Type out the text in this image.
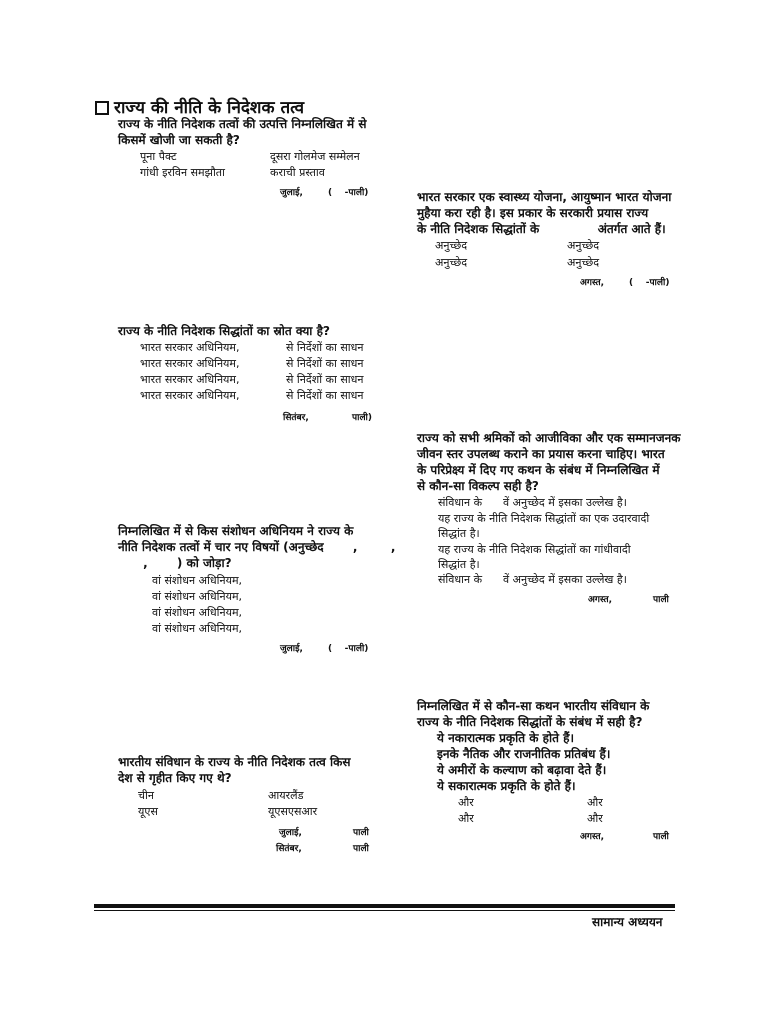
राज्य की नीति के निदेशक तत्व
राज्य के नीति निदेशक तत्वों की उत्पत्ति निम्नलिखित में से
किसमें खोजी जा सकती है?
पूना पैक्ट	दूसरा गोलमेज सम्मेलन
गांधी इरविन समझौता	कराची प्रस्ताव
जुलाई,        (    -पाली)	भारत सरकार एक स्वास्थ्य योजना, आयुष्मान भारत योजना
मुहैया करा रही है। इस प्रकार के सरकारी प्रयास राज्य
के नीति निदेशक सिद्धांतों के              अंतर्गत आते हैं।
अनुच्छेद	अनुच्छेद
अनुच्छेद	अनुच्छेद
अगस्त,        (    -पाली)
राज्य के नीति निदेशक सिद्धांतों का स्रोत क्या है?
भारत सरकार अधिनियम,	से निर्देशों का साधन
भारत सरकार अधिनियम,	से निर्देशों का साधन
भारत सरकार अधिनियम,	से निर्देशों का साधन
भारत सरकार अधिनियम,	से निर्देशों का साधन
सितंबर,	पाली)
राज्य को सभी श्रमिकों को आजीविका और एक सम्मानजनक
जीवन स्तर उपलब्ध कराने का प्रयास करना चाहिए। भारत
के परिप्रेक्ष्य में दिए गए कथन के संबंध में निम्नलिखित में
से कौन-सा विकल्प सही है?
संविधान के      वें अनुच्छेद में इसका उल्लेख है।
यह राज्य के नीति निदेशक सिद्धांतों का एक उदारवादी
सिद्धांत है।
यह राज्य के नीति निदेशक सिद्धांतों का गांधीवादी
सिद्धांत है।
संविधान के      वें अनुच्छेद में इसका उल्लेख है।
अगस्त,	पाली
निम्नलिखित में से किस संशोधन अधिनियम ने राज्य के
नीति निदेशक तत्वों में चार नए विषयों (अनुच्छेद       ,        ,
,       ) को जोड़ा?
वां संशोधन अधिनियम,
वां संशोधन अधिनियम,
वां संशोधन अधिनियम,
वां संशोधन अधिनियम,
जुलाई,        (    -पाली)
निम्नलिखित में से कौन-सा कथन भारतीय संविधान के
राज्य के नीति निदेशक सिद्धांतों के संबंध में सही है?
ये नकारात्मक प्रकृति के होते हैं।
इनके नैतिक और राजनीतिक प्रतिबंध हैं।
ये अमीरों के कल्याण को बढ़ावा देते हैं।
ये सकारात्मक प्रकृति के होते हैं।
और	और
और	और
अगस्त,	पाली
भारतीय संविधान के राज्य के नीति निदेशक तत्व किस
देश से गृहीत किए गए थे?
चीन	आयरलैंड
यूएस	यूएसएसआर
जुलाई,	पाली
सितंबर,	पाली
सामान्य अध्ययन
